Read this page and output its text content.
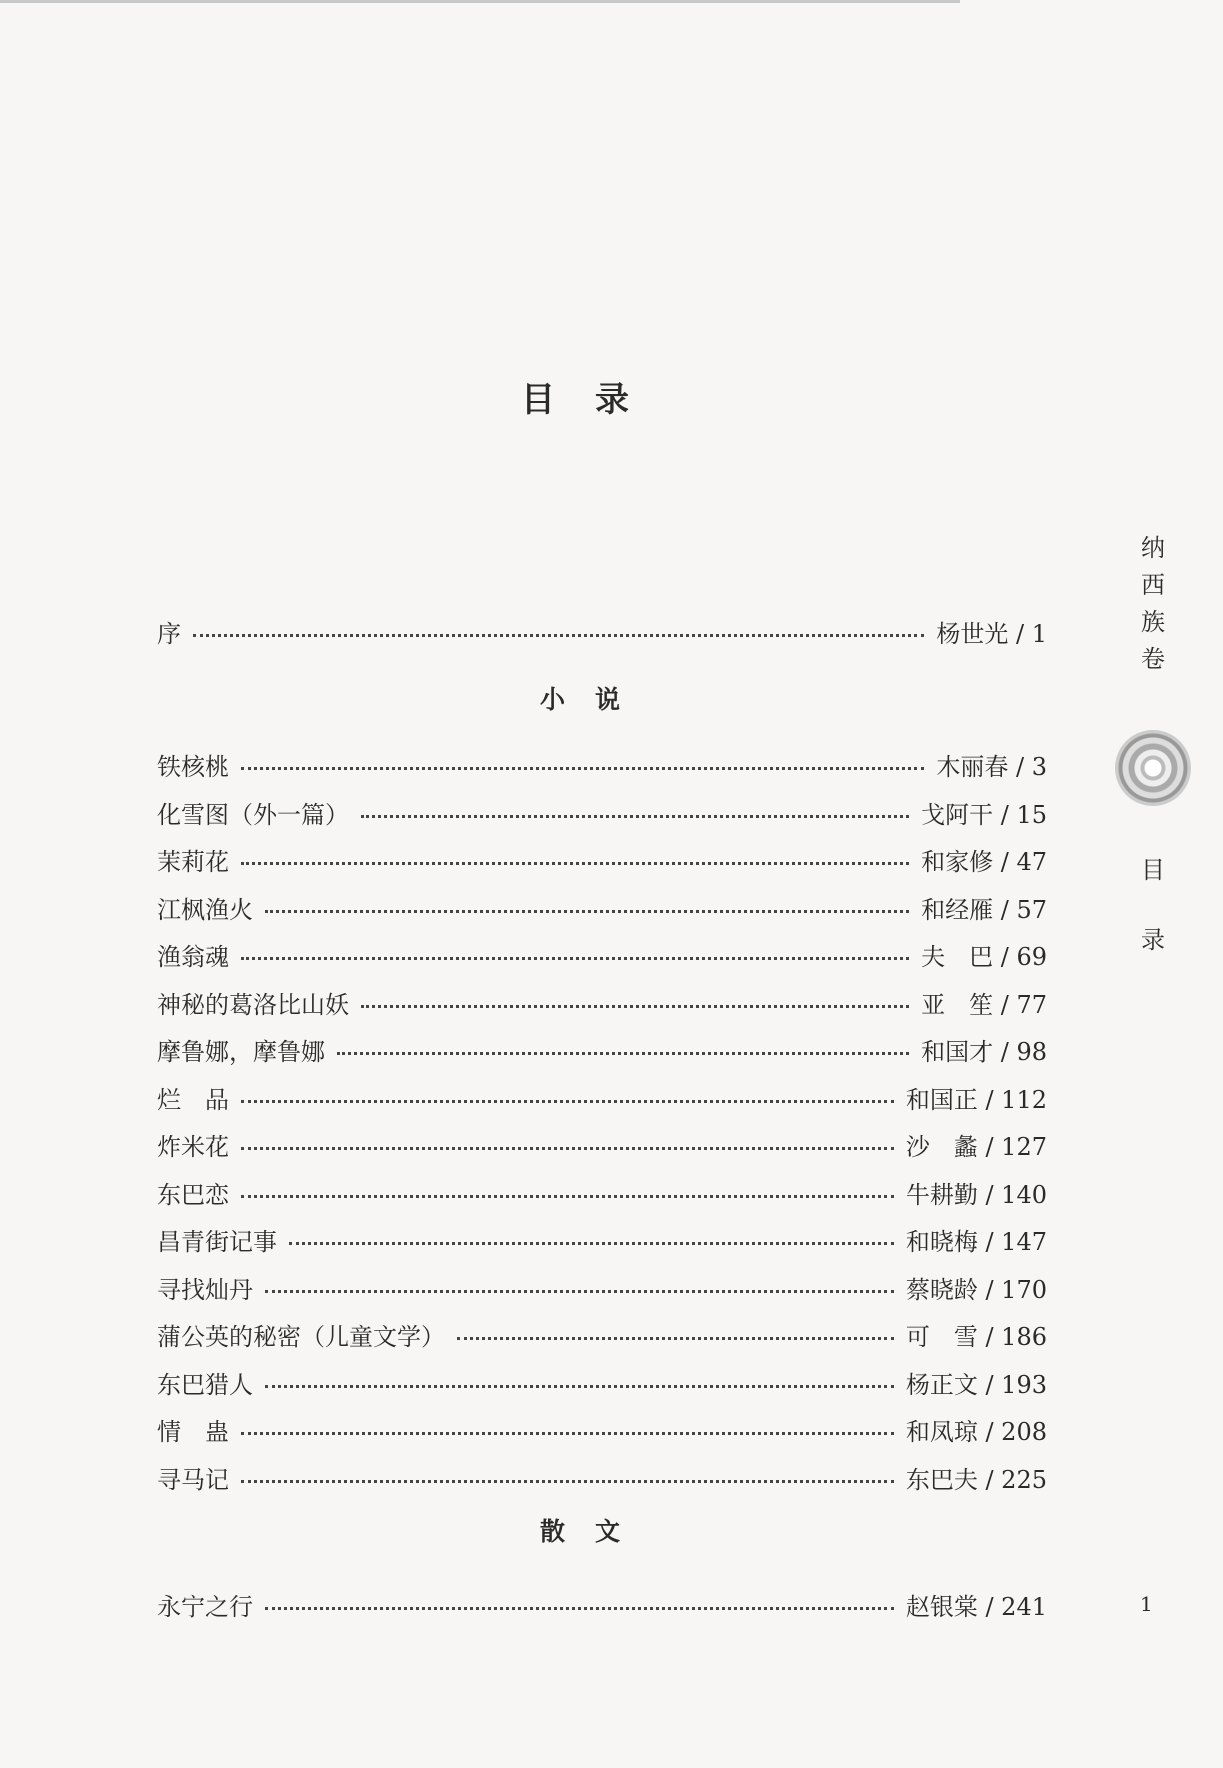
目录
序	杨世光 / 1
小说
铁核桃	木丽春 / 3
化雪图（外一篇）	戈阿干 / 15
茉莉花	和家修 / 47
江枫渔火	和经雁 / 57
渔翁魂	夫　巴 / 69
神秘的葛洛比山妖	亚　笙 / 77
摩鲁娜，摩鲁娜	和国才 / 98
烂　品	和国正 / 112
炸米花	沙　蠡 / 127
东巴恋	牛耕勤 / 140
昌青街记事	和晓梅 / 147
寻找灿丹	蔡晓龄 / 170
蒲公英的秘密（儿童文学）	可　雪 / 186
东巴猎人	杨正文 / 193
情　蛊	和凤琼 / 208
寻马记	东巴夫 / 225
散文
永宁之行	赵银棠 / 241
纳西族卷
目录
1
